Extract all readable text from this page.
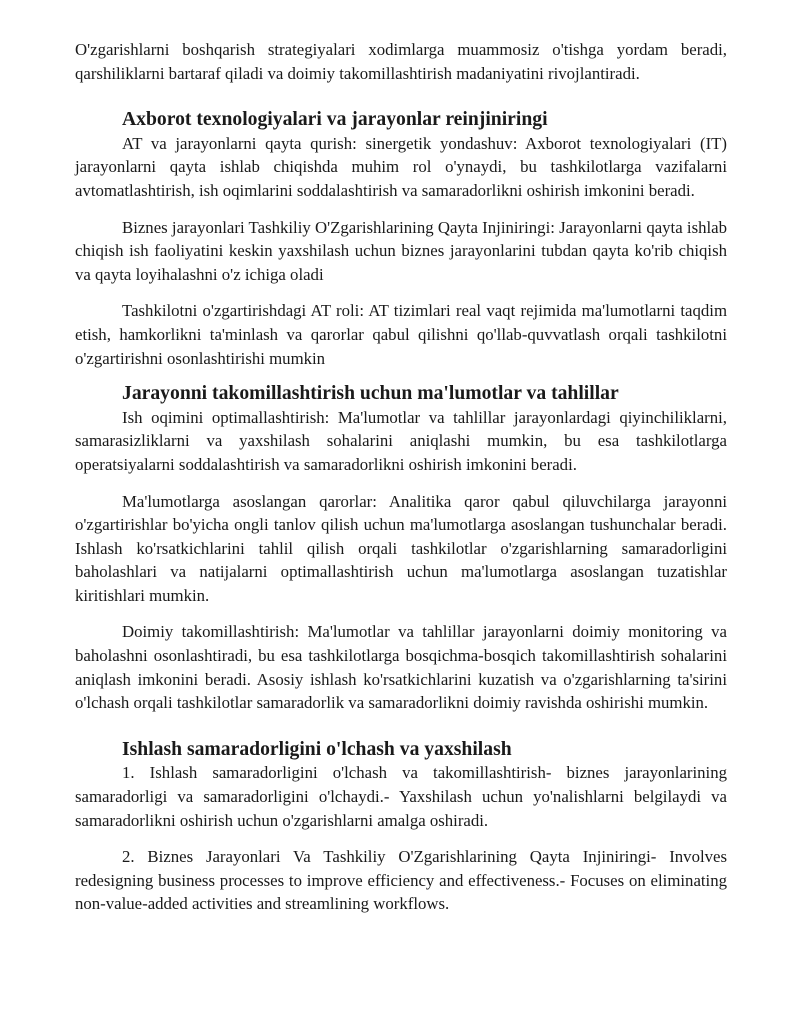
O'zgarishlarni boshqarish strategiyalari xodimlarga muammosiz o'tishga yordam beradi, qarshiliklarni bartaraf qiladi va doimiy takomillashtirish madaniyatini rivojlantiradi.

Axborot texnologiyalari va jarayonlar reinjiniringi

AT va jarayonlarni qayta qurish: sinergetik yondashuv: Axborot texnologiyalari (IT) jarayonlarni qayta ishlab chiqishda muhim rol o'ynaydi, bu tashkilotlarga vazifalarni avtomatlashtirish, ish oqimlarini soddalashtirish va samaradorlikni oshirish imkonini beradi.

Biznes jarayonlari Tashkiliy O'Zgarishlarining Qayta Injiniringi: Jarayonlarni qayta ishlab chiqish ish faoliyatini keskin yaxshilash uchun biznes jarayonlarini tubdan qayta ko'rib chiqish va qayta loyihalashni o'z ichiga oladi

Tashkilotni o'zgartirishdagi AT roli: AT tizimlari real vaqt rejimida ma'lumotlarni taqdim etish, hamkorlikni ta'minlash va qarorlar qabul qilishni qo'llab-quvvatlash orqali tashkilotni o'zgartirishni osonlashtirishi mumkin

Jarayonni takomillashtirish uchun ma'lumotlar va tahlillar

Ish oqimini optimallashtirish: Ma'lumotlar va tahlillar jarayonlardagi qiyinchiliklarni, samarasizliklarni va yaxshilash sohalarini aniqlashi mumkin, bu esa tashkilotlarga operatsiyalarni soddalashtirish va samaradorlikni oshirish imkonini beradi.

Ma'lumotlarga asoslangan qarorlar: Analitika qaror qabul qiluvchilarga jarayonni o'zgartirishlar bo'yicha ongli tanlov qilish uchun ma'lumotlarga asoslangan tushunchalar beradi. Ishlash ko'rsatkichlarini tahlil qilish orqali tashkilotlar o'zgarishlarning samaradorligini baholashlari va natijalarni optimallashtirish uchun ma'lumotlarga asoslangan tuzatishlar kiritishlari mumkin.

Doimiy takomillashtirish: Ma'lumotlar va tahlillar jarayonlarni doimiy monitoring va baholashni osonlashtiradi, bu esa tashkilotlarga bosqichma-bosqich takomillashtirish sohalarini aniqlash imkonini beradi. Asosiy ishlash ko'rsatkichlarini kuzatish va o'zgarishlarning ta'sirini o'lchash orqali tashkilotlar samaradorlik va samaradorlikni doimiy ravishda oshirishi mumkin.

Ishlash samaradorligini o'lchash va yaxshilash

1. Ishlash samaradorligini o'lchash va takomillashtirish- biznes jarayonlarining samaradorligi va samaradorligini o'lchaydi.- Yaxshilash uchun yo'nalishlarni belgilaydi va samaradorlikni oshirish uchun o'zgarishlarni amalga oshiradi.

2. Biznes Jarayonlari Va Tashkiliy O'Zgarishlarining Qayta Injiniringi- Involves redesigning business processes to improve efficiency and effectiveness.- Focuses on eliminating non-value-added activities and streamlining workflows.
